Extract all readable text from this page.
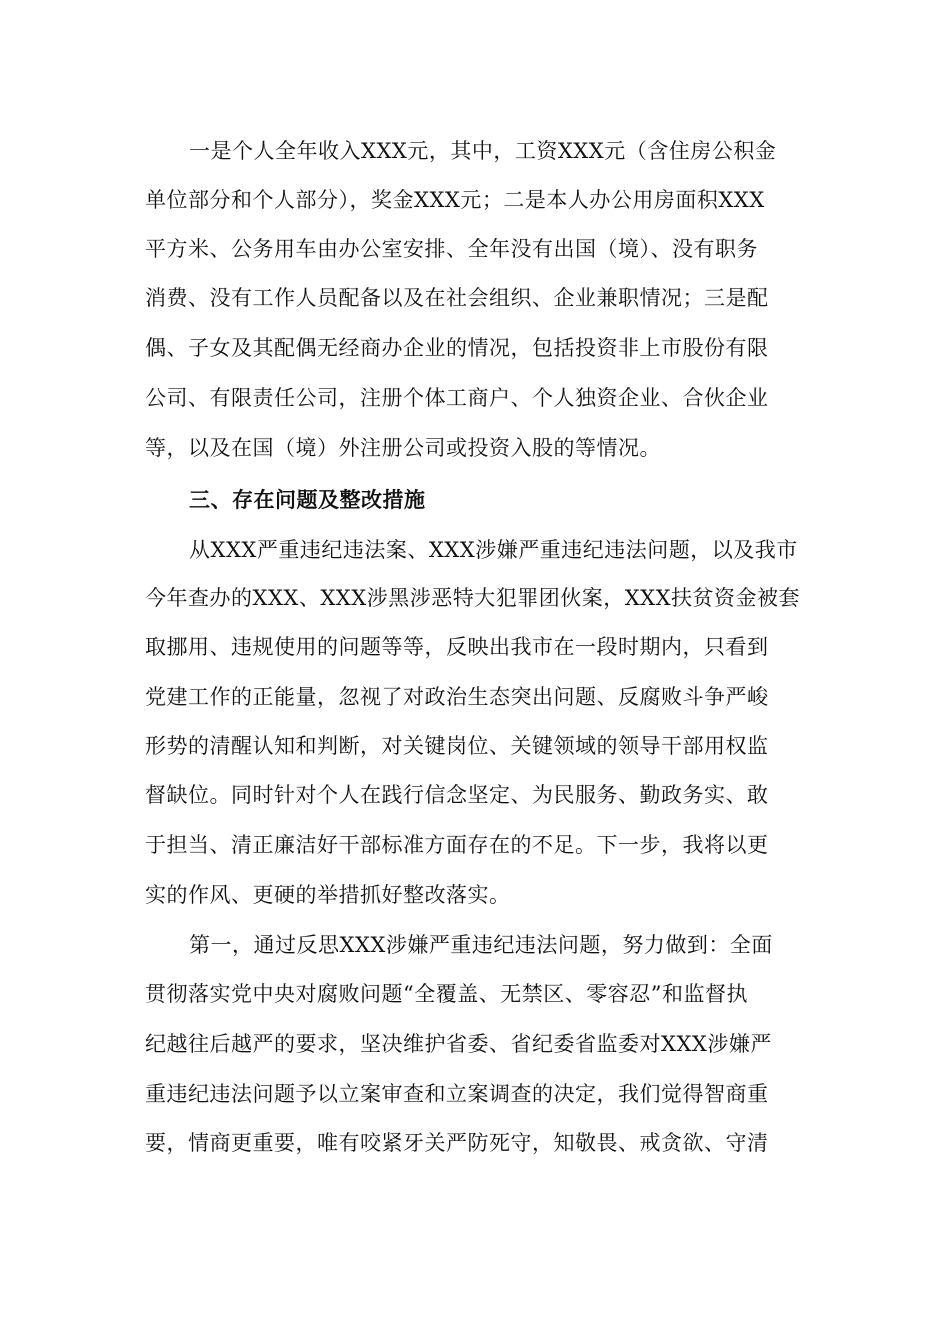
一是个人全年收入XXX元，其中，工资XXX元（含住房公积金
单位部分和个人部分），奖金XXX元；二是本人办公用房面积XXX
平方米、公务用车由办公室安排、全年没有出国（境）、没有职务
消费、没有工作人员配备以及在社会组织、企业兼职情况；三是配
偶、子女及其配偶无经商办企业的情况，包括投资非上市股份有限
公司、有限责任公司，注册个体工商户、个人独资企业、合伙企业
等，以及在国（境）外注册公司或投资入股的等情况。
三、存在问题及整改措施
从XXX严重违纪违法案、XXX涉嫌严重违纪违法问题，以及我市
今年查办的XXX、XXX涉黑涉恶特大犯罪团伙案，XXX扶贫资金被套
取挪用、违规使用的问题等等，反映出我市在一段时期内，只看到
党建工作的正能量，忽视了对政治生态突出问题、反腐败斗争严峻
形势的清醒认知和判断，对关键岗位、关键领域的领导干部用权监
督缺位。同时针对个人在践行信念坚定、为民服务、勤政务实、敢
于担当、清正廉洁好干部标准方面存在的不足。下一步，我将以更
实的作风、更硬的举措抓好整改落实。
第一，通过反思XXX涉嫌严重违纪违法问题，努力做到：全面
贯彻落实党中央对腐败问题“全覆盖、无禁区、零容忍”和监督执
纪越往后越严的要求，坚决维护省委、省纪委省监委对XXX涉嫌严
重违纪违法问题予以立案审查和立案调查的决定，我们觉得智商重
要，情商更重要，唯有咬紧牙关严防死守，知敬畏、戒贪欲、守清
